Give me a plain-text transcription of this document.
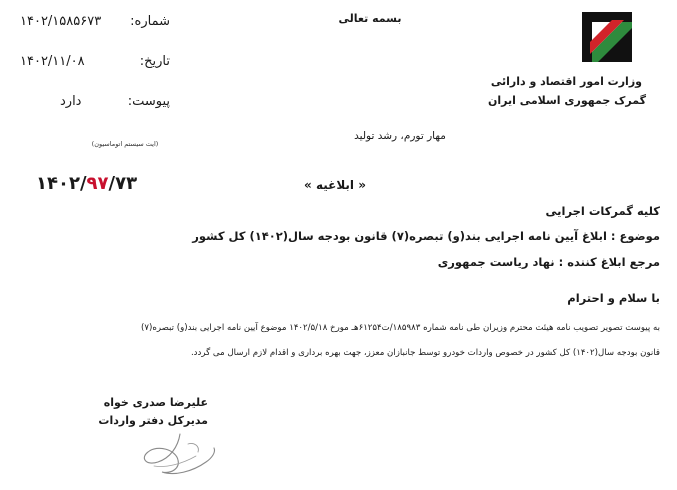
بسمه تعالی
وزارت امور اقتصاد و دارائی
گمرک جمهوری اسلامی ایران
شماره:
۱۴۰۲/۱۵۸۵۶۷۳
تاریخ:
۱۴۰۲/۱۱/۰۸
پیوست:
دارد
(ایت سیستم اتوماسیون)
مهار تورم، رشد تولید
۱۴۰۲/۹۷/۷۳	« ابلاغیه »
کلیه گمرکات اجرایی
موضوع : ابلاغ آیین نامه اجرایی بند(و) تبصره(۷) قانون بودجه سال(۱۴۰۲) کل کشور
مرجع ابلاغ کننده : نهاد ریاست جمهوری
با سلام و احترام
به پیوست تصویر تصویب نامه هیئت محترم وزیران طی نامه شماره ۱۸۵۹۸۳/ت۶۱۲۵۴هـ مورخ ۱۴۰۲/۵/۱۸ موضوع آیین نامه اجرایی بند(و) تبصره(۷)
قانون بودجه سال(۱۴۰۲) کل کشور در خصوص واردات خودرو توسط جانبازان معزز، جهت بهره برداری و اقدام لازم ارسال می گردد.
علیرضا صدری خواه
مدیرکل دفتر واردات
